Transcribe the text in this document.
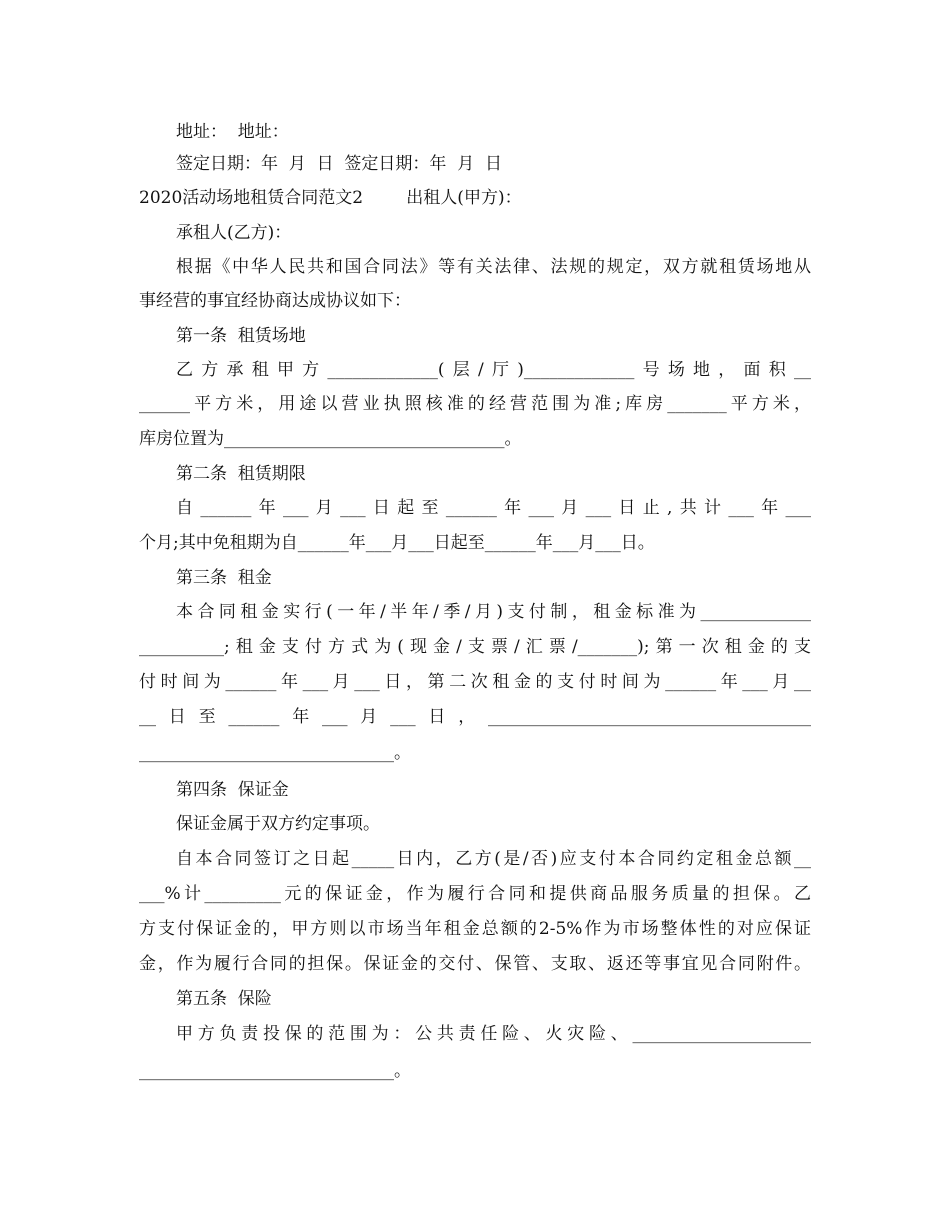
地址：  地址：
签定日期：年  月  日  签定日期：年  月  日
2020活动场地租赁合同范文2        出租人(甲方)：
承租人(乙方)：
根据《中华人民共和国合同法》等有关法律、法规的规定，双方就租赁场地从
事经营的事宜经协商达成协议如下：
第一条  租赁场地
乙方承租甲方_____________(层/厅)_____________号场地，面积__
______平方米，用途以营业执照核准的经营范围为准;库房_______平方米，
库房位置为_________________________________。
第二条  租赁期限
自______年___月___日起至______年___月___日止,共计___年___
个月;其中免租期为自______年___月___日起至______年___月___日。
第三条  租金
本合同租金实行(一年/半年/季/月)支付制，租金标准为_____________
__________;租金支付方式为(现金/支票/汇票/_______);第一次租金的支
付时间为______年___月___日，第二次租金的支付时间为______年___月__
__日至______年___月___日，______________________________________
______________________________。
第四条  保证金
保证金属于双方约定事项。
自本合同签订之日起_____日内，乙方(是/否)应支付本合同约定租金总额__
___%计_________元的保证金，作为履行合同和提供商品服务质量的担保。乙
方支付保证金的，甲方则以市场当年租金总额的2-5%作为市场整体性的对应保证
金，作为履行合同的担保。保证金的交付、保管、支取、返还等事宜见合同附件。
第五条  保险
甲方负责投保的范围为：公共责任险、火灾险、_____________________
______________________________。
